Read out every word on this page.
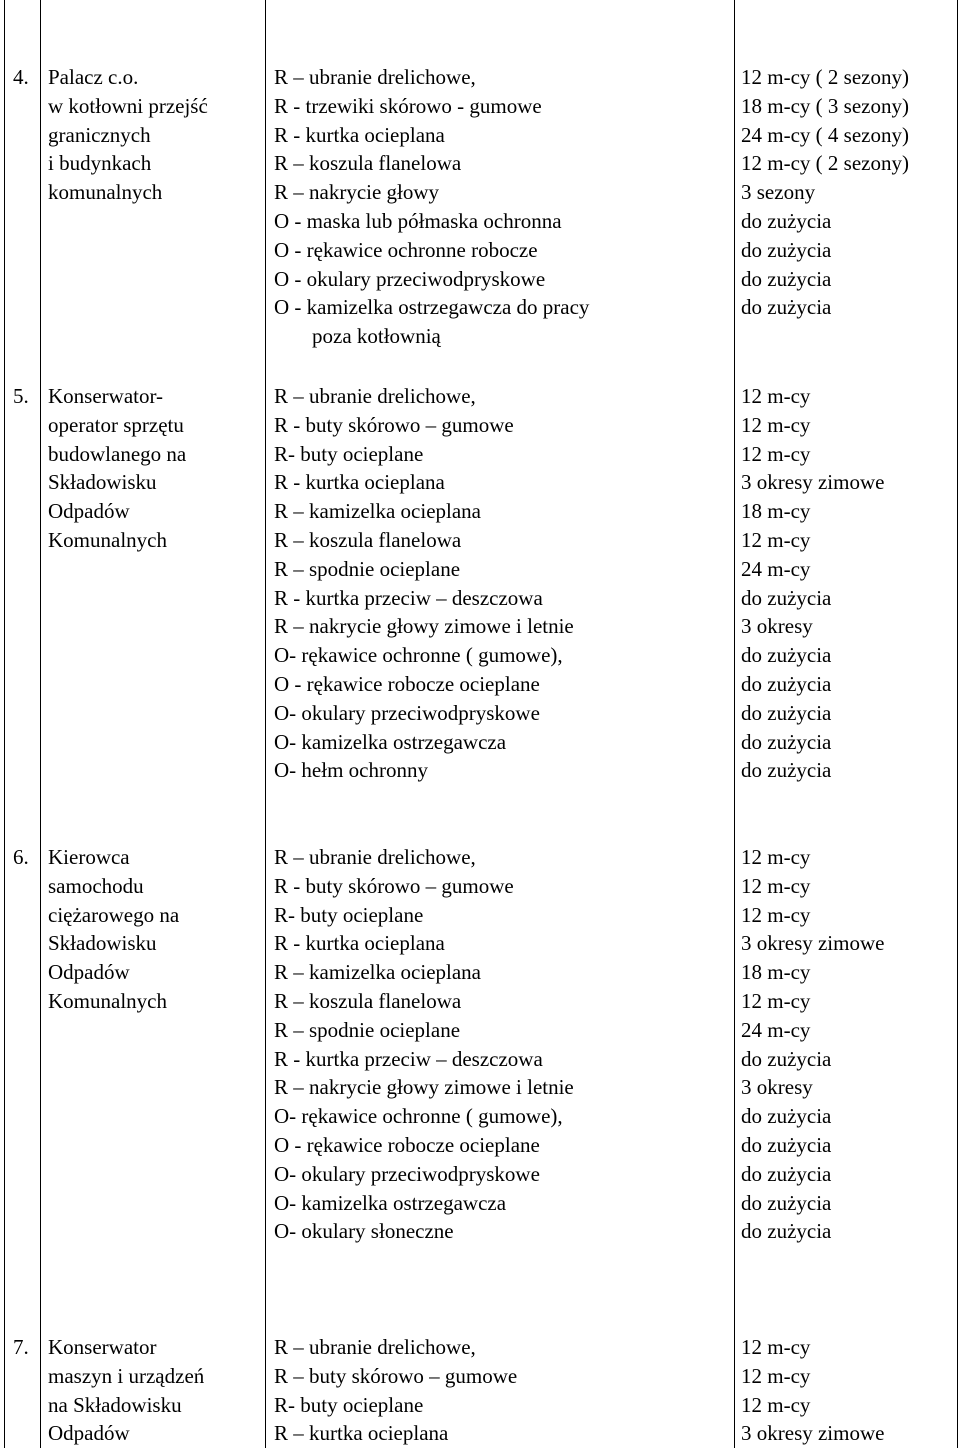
4. Palacz c.o.
w kotłowni przejść
granicznych
i budynkach
komunalnych
R – ubranie drelichowe,
R - trzewiki skórowo - gumowe
R - kurtka ocieplana
R – koszula flanelowa
R – nakrycie głowy
O - maska lub półmaska ochronna
O - rękawice ochronne robocze
O - okulary przeciwodpryskowe
O - kamizelka ostrzegawcza do pracy
poza kotłownią
12 m-cy ( 2 sezony)
18 m-cy ( 3 sezony)
24 m-cy ( 4 sezony)
12 m-cy ( 2 sezony)
3 sezony
do zużycia
do zużycia
do zużycia
do zużycia
5. Konserwator-
operator sprzętu
budowlanego na
Składowisku
Odpadów
Komunalnych
R – ubranie drelichowe,
R - buty skórowo – gumowe
R- buty ocieplane
R - kurtka ocieplana
R – kamizelka ocieplana
R – koszula flanelowa
R – spodnie ocieplane
R - kurtka przeciw – deszczowa
R – nakrycie głowy zimowe i letnie
O- rękawice ochronne ( gumowe),
O - rękawice robocze ocieplane
O- okulary przeciwodpryskowe
O- kamizelka ostrzegawcza
O- hełm ochronny
12 m-cy
12 m-cy
12 m-cy
3 okresy zimowe
18 m-cy
12 m-cy
24 m-cy
do zużycia
3 okresy
do zużycia
do zużycia
do zużycia
do zużycia
do zużycia
6. Kierowca
samochodu
ciężarowego na
Składowisku
Odpadów
Komunalnych
R – ubranie drelichowe,
R - buty skórowo – gumowe
R- buty ocieplane
R - kurtka ocieplana
R – kamizelka ocieplana
R – koszula flanelowa
R – spodnie ocieplane
R - kurtka przeciw – deszczowa
R – nakrycie głowy zimowe i letnie
O- rękawice ochronne ( gumowe),
O - rękawice robocze ocieplane
O- okulary przeciwodpryskowe
O- kamizelka ostrzegawcza
O- okulary słoneczne
12 m-cy
12 m-cy
12 m-cy
3 okresy zimowe
18 m-cy
12 m-cy
24 m-cy
do zużycia
3 okresy
do zużycia
do zużycia
do zużycia
do zużycia
do zużycia
7. Konserwator
maszyn i urządzeń
na Składowisku
Odpadów
R – ubranie drelichowe,
R – buty skórowo – gumowe
R- buty ocieplane
R – kurtka ocieplana
12 m-cy
12 m-cy
12 m-cy
3 okresy zimowe
